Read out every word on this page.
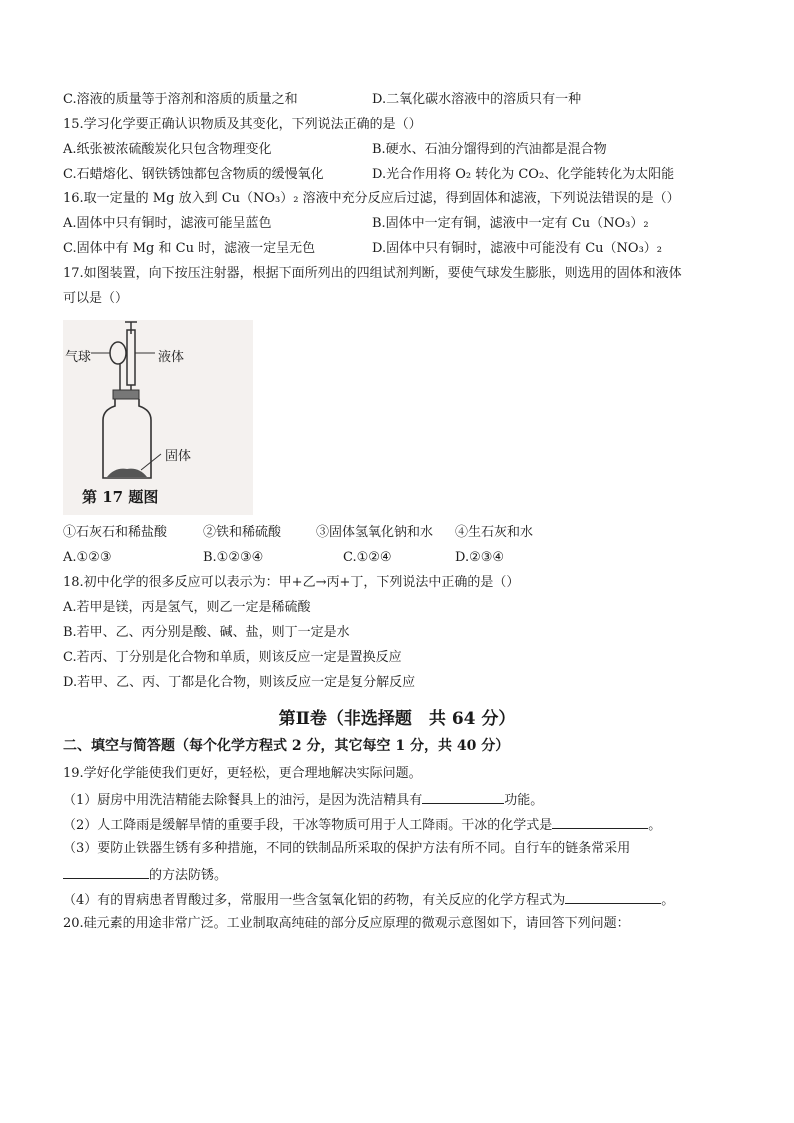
C.溶液的质量等于溶剂和溶质的质量之和	D.二氧化碳水溶液中的溶质只有一种
15.学习化学要正确认识物质及其变化，下列说法正确的是（）
A.纸张被浓硫酸炭化只包含物理变化	B.硬水、石油分馏得到的汽油都是混合物
C.石蜡熔化、钢铁锈蚀都包含物质的缓慢氧化	D.光合作用将 O₂ 转化为 CO₂、化学能转化为太阳能
16.取一定量的 Mg 放入到 Cu（NO₃）₂ 溶液中充分反应后过滤，得到固体和滤液，下列说法错误的是（）
A.固体中只有铜时，滤液可能呈蓝色	B.固体中一定有铜，滤液中一定有 Cu（NO₃）₂
C.固体中有 Mg 和 Cu 时，滤液一定呈无色	D.固体中只有铜时，滤液中可能没有 Cu（NO₃）₂
17.如图装置，向下按压注射器，根据下面所列出的四组试剂判断，要使气球发生膨胀，则选用的固体和液体
可以是（）
气球	液体
固体
第 17 题图
①石灰石和稀盐酸	②铁和稀硫酸	③固体氢氧化钠和水 ④生石灰和水
A.①②③	B.①②③④	C.①②④	D.②③④
18.初中化学的很多反应可以表示为：甲+乙→丙+丁，下列说法中正确的是（）
A.若甲是镁，丙是氢气，则乙一定是稀硫酸
B.若甲、乙、丙分别是酸、碱、盐，则丁一定是水
C.若丙、丁分别是化合物和单质，则该反应一定是置换反应
D.若甲、乙、丙、丁都是化合物，则该反应一定是复分解反应
第Ⅱ卷（非选择题　共 64 分）
二、填空与简答题（每个化学方程式 2 分，其它每空 1 分，共 40 分）
19.学好化学能使我们更好，更轻松，更合理地解决实际问题。
（1）厨房中用洗洁精能去除餐具上的油污，是因为洗洁精具有	功能。
（2）人工降雨是缓解旱情的重要手段，干冰等物质可用于人工降雨。干冰的化学式是	。
（3）要防止铁器生锈有多种措施，不同的铁制品所采取的保护方法有所不同。自行车的链条常采用
的方法防锈。
（4）有的胃病患者胃酸过多，常服用一些含氢氧化铝的药物，有关反应的化学方程式为	。
20.硅元素的用途非常广泛。工业制取高纯硅的部分反应原理的微观示意图如下，请回答下列问题：
